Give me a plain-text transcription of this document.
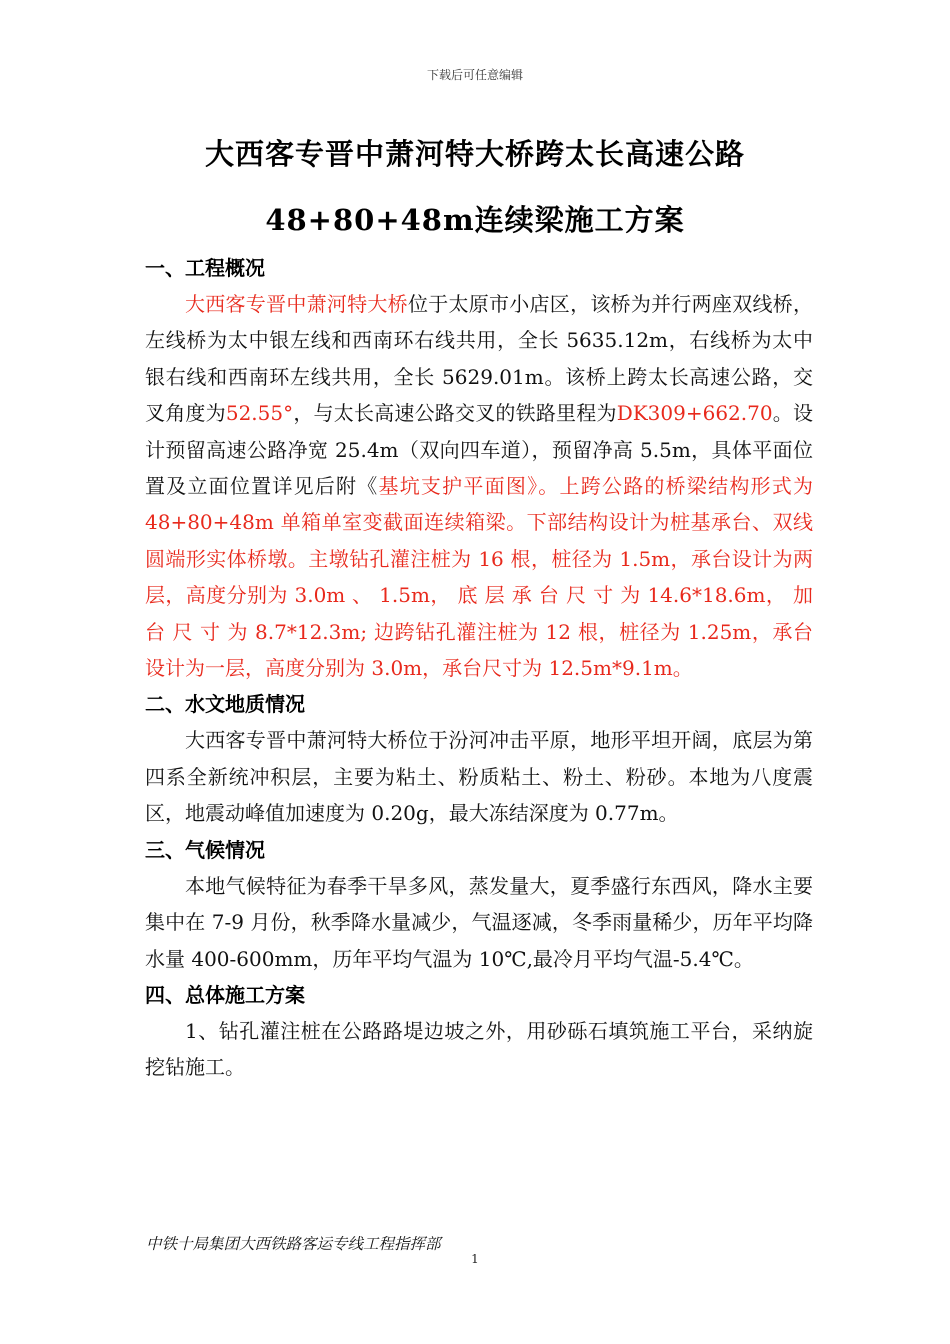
下载后可任意编辑
大西客专晋中萧河特大桥跨太长高速公路
48+80+48m连续梁施工方案
一、工程概况

大西客专晋中萧河特大桥位于太原市小店区，该桥为并行两座双线桥，左线桥为太中银左线和西南环右线共用，全长 5635.12m，右线桥为太中银右线和西南环左线共用，全长 5629.01m。该桥上跨太长高速公路，交叉角度为52.55°，与太长高速公路交叉的铁路里程为DK309+662.70。设计预留高速公路净宽 25.4m（双向四车道），预留净高 5.5m，具体平面位置及立面位置详见后附《基坑支护平面图》。上跨公路的桥梁结构形式为 48+80+48m 单箱单室变截面连续箱梁。下部结构设计为桩基承台、双线圆端形实体桥墩。主墩钻孔灌注桩为 16 根，桩径为 1.5m，承台设计为两层，高度分别为 3.0m 、 1.5m， 底 层 承 台 尺 寸 为 14.6*18.6m， 加 台 尺 寸 为 8.7*12.3m; 边跨钻孔灌注桩为 12 根，桩径为 1.25m，承台设计为一层，高度分别为 3.0m，承台尺寸为 12.5m*9.1m。

二、水文地质情况

大西客专晋中萧河特大桥位于汾河冲击平原，地形平坦开阔，底层为第四系全新统冲积层，主要为粘土、粉质粘土、粉土、粉砂。本地为八度震区，地震动峰值加速度为 0.20g，最大冻结深度为 0.77m。

三、气候情况

本地气候特征为春季干旱多风，蒸发量大，夏季盛行东西风，降水主要集中在 7-9 月份，秋季降水量减少，气温逐减，冬季雨量稀少，历年平均降水量 400-600mm，历年平均气温为 10℃,最冷月平均气温-5.4℃。

四、总体施工方案

1、钻孔灌注桩在公路路堤边坡之外，用砂砾石填筑施工平台，采纳旋挖钻施工。

中铁十局集团大西铁路客运专线工程指挥部
1
